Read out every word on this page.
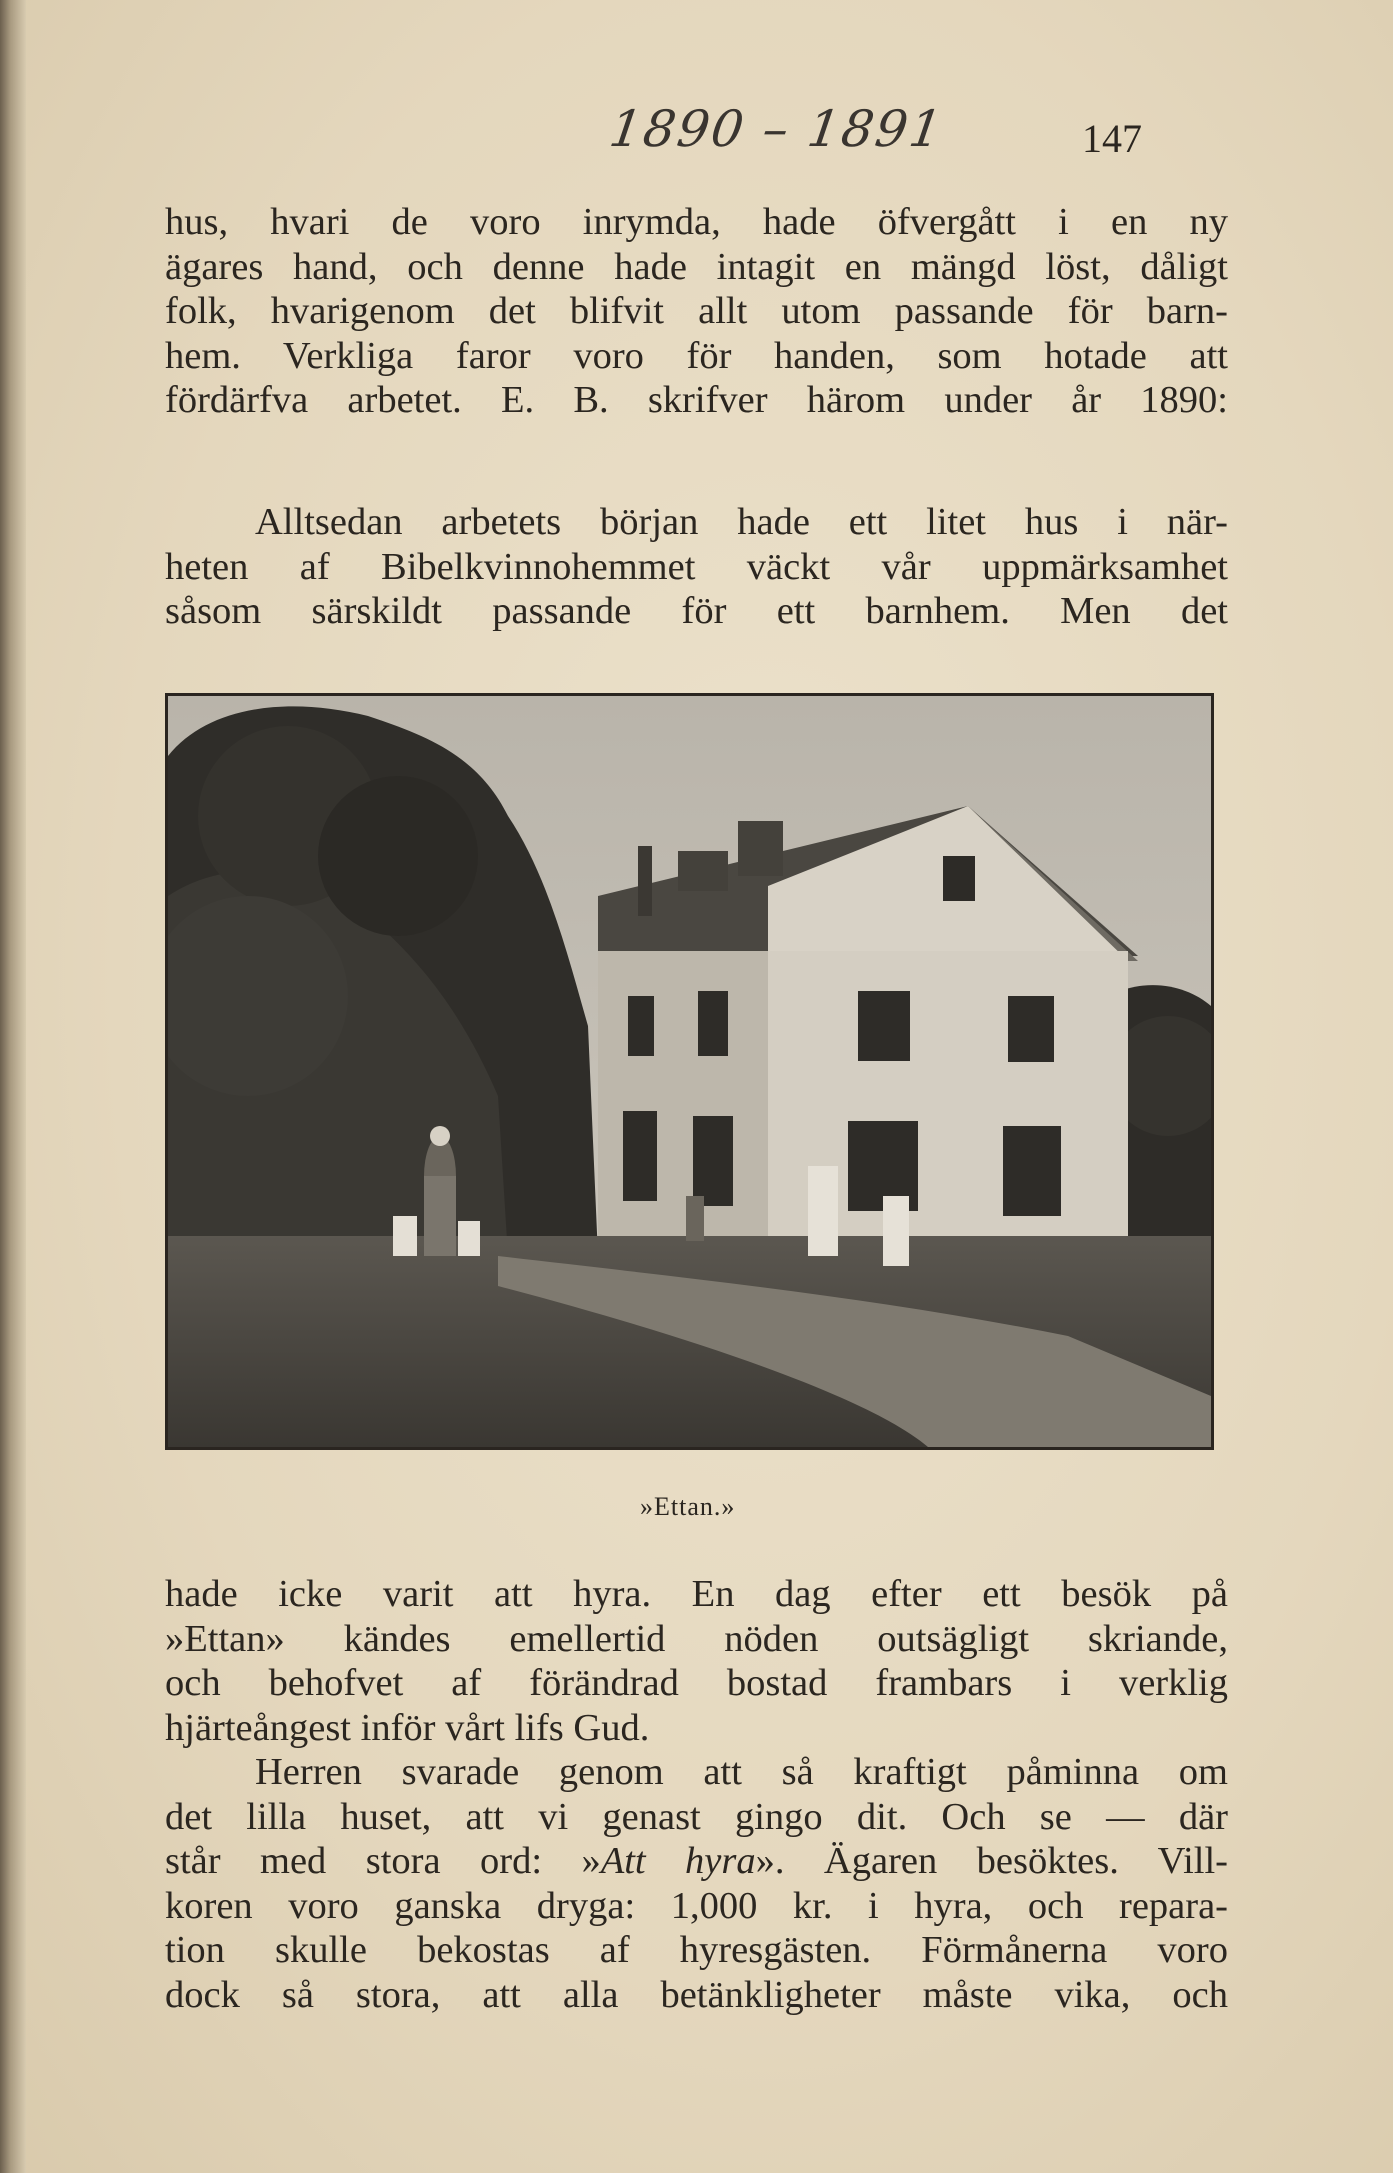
1890 – 1891	147
hus, hvari de voro inrymda, hade öfvergått i en ny
ägares hand, och denne hade intagit en mängd löst, dåligt
folk, hvarigenom det blifvit allt utom passande för barn-
hem. Verkliga faror voro för handen, som hotade att
fördärfva arbetet. E. B. skrifver härom under år 1890:
Alltsedan arbetets början hade ett litet hus i när-
heten af Bibelkvinnohemmet väckt vår uppmärksamhet
såsom särskildt passande för ett barnhem. Men det
»Ettan.»
hade icke varit att hyra. En dag efter ett besök på
»Ettan» kändes emellertid nöden outsägligt skriande,
och behofvet af förändrad bostad frambars i verklig
hjärteångest inför vårt lifs Gud.
Herren svarade genom att så kraftigt påminna om
det lilla huset, att vi genast gingo dit. Och se — där
står med stora ord: »Att hyra». Ägaren besöktes. Vill-
koren voro ganska dryga: 1,000 kr. i hyra, och repara-
tion skulle bekostas af hyresgästen. Förmånerna voro
dock så stora, att alla betänkligheter måste vika, och
